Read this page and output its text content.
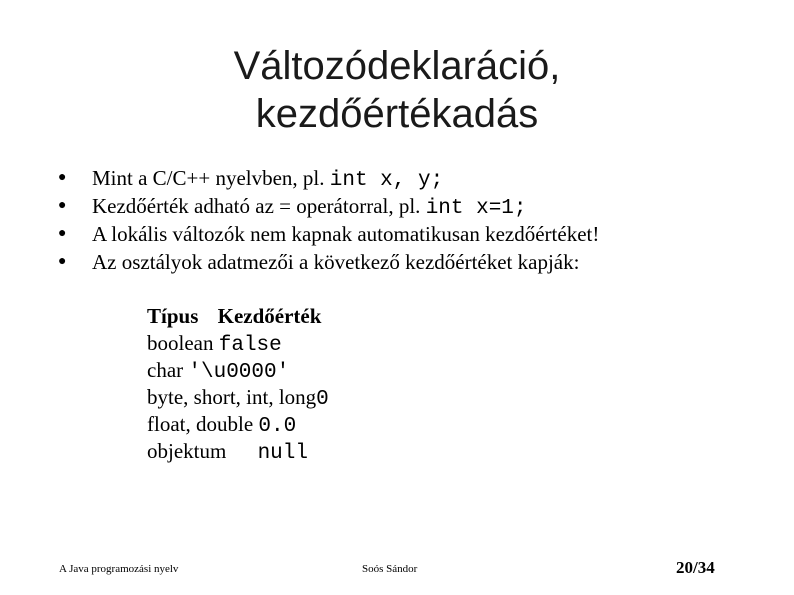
Változódeklaráció,
kezdőértékadás
● Mint a C/C++ nyelvben, pl. int x, y;
● Kezdőérték adható az = operátorral, pl. int x=1;
● A lokális változók nem kapnak automatikusan kezdőértéket!
● Az osztályok adatmezői a következő kezdőértéket kapják:
Típus Kezdőérték
boolean false
char '\u0000'
byte, short, int, long0
float, double 0.0
objektum null
A Java programozási nyelv	Soós Sándor	20/34
